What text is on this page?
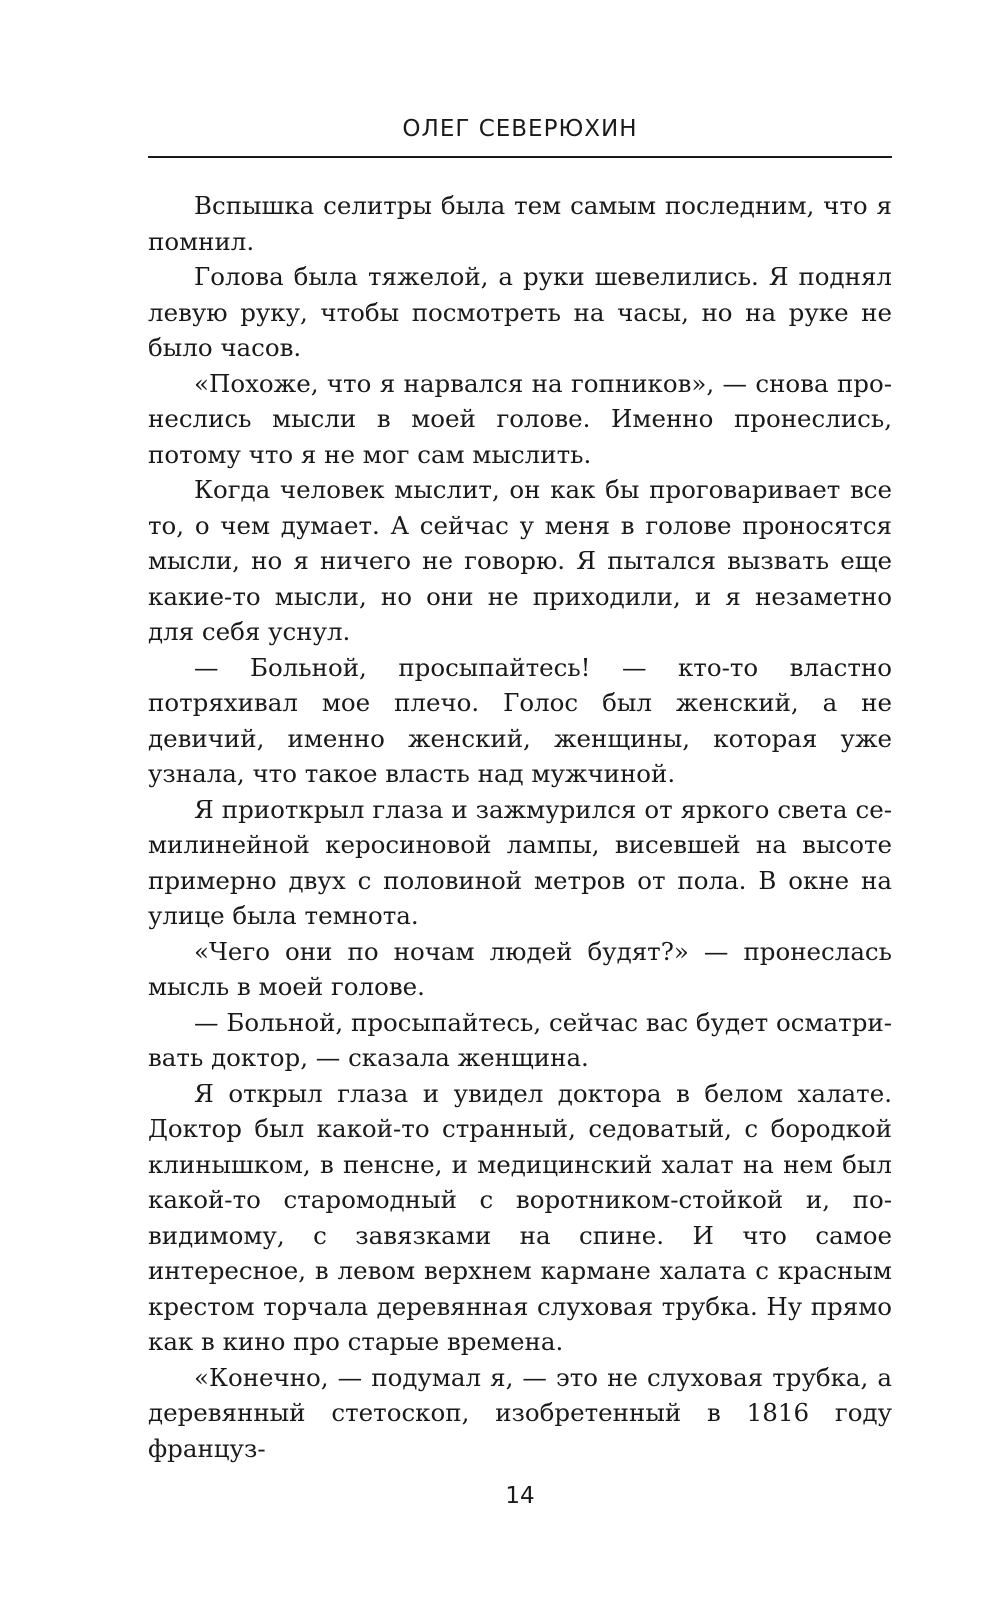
ОЛЕГ СЕВЕРЮХИН

Вспышка селитры была тем самым последним, что я помнил.

Голова была тяжелой, а руки шевелились. Я поднял левую руку, чтобы посмотреть на часы, но на руке не было часов.

«Похоже, что я нарвался на гопников», — снова пронеслись мысли в моей голове. Именно пронеслись, потому что я не мог сам мыслить.

Когда человек мыслит, он как бы проговаривает все то, о чем думает. А сейчас у меня в голове проносятся мысли, но я ничего не говорю. Я пытался вызвать еще какие-то мысли, но они не приходили, и я незаметно для себя уснул.

— Больной, просыпайтесь! — кто-то властно потряхивал мое плечо. Голос был женский, а не девичий, именно женский, женщины, которая уже узнала, что такое власть над мужчиной.

Я приоткрыл глаза и зажмурился от яркого света семилинейной керосиновой лампы, висевшей на высоте примерно двух с половиной метров от пола. В окне на улице была темнота.

«Чего они по ночам людей будят?» — пронеслась мысль в моей голове.

— Больной, просыпайтесь, сейчас вас будет осматривать доктор, — сказала женщина.

Я открыл глаза и увидел доктора в белом халате. Доктор был какой-то странный, седоватый, с бородкой клинышком, в пенсне, и медицинский халат на нем был какой-то старомодный с воротником-стойкой и, по-видимому, с завязками на спине. И что самое интересное, в левом верхнем кармане халата с красным крестом торчала деревянная слуховая трубка. Ну прямо как в кино про старые времена.

«Конечно, — подумал я, — это не слуховая трубка, а деревянный стетоскоп, изобретенный в 1816 году француз-

14
